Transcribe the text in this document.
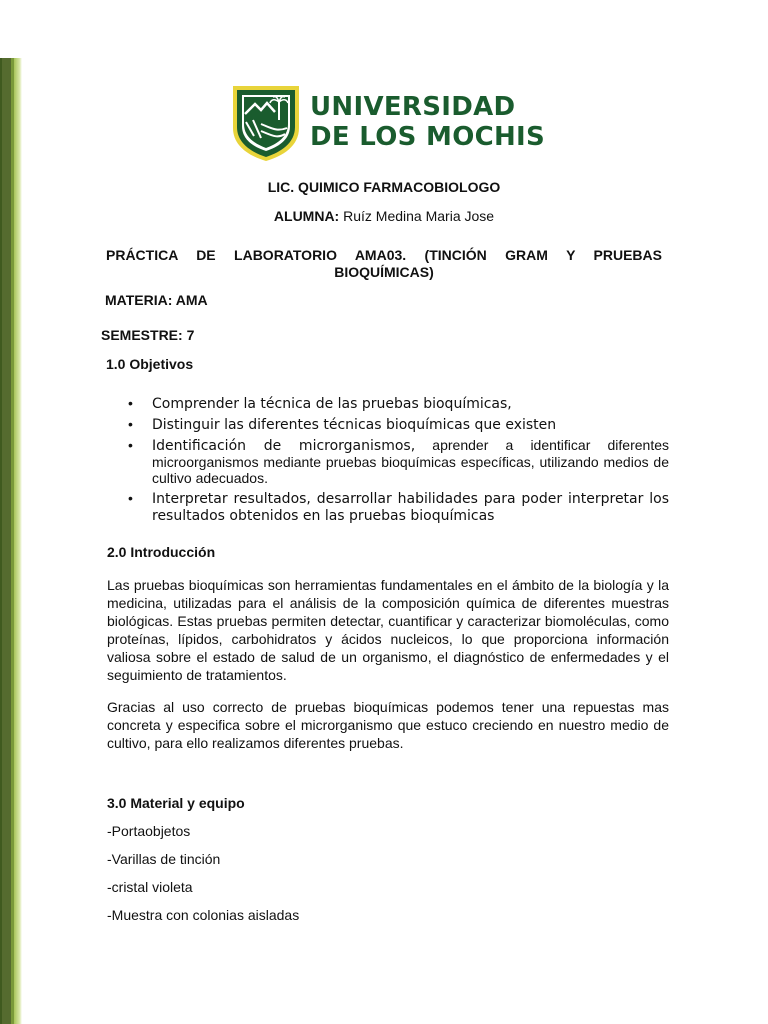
UNIVERSIDAD
DE LOS MOCHIS
LIC. QUIMICO FARMACOBIOLOGO
ALUMNA: Ruíz Medina Maria Jose
PRÁCTICA DE LABORATORIO AMA03. (TINCIÓN GRAM Y PRUEBAS
BIOQUÍMICAS)
MATERIA: AMA
SEMESTRE: 7
1.0 Objetivos
• Comprender la técnica de las pruebas bioquímicas,
• Distinguir las diferentes técnicas bioquímicas que existen
• Identificación de microrganismos, aprender a identificar diferentes microorganismos mediante pruebas bioquímicas específicas, utilizando medios de cultivo adecuados.
• Interpretar resultados, desarrollar habilidades para poder interpretar los resultados obtenidos en las pruebas bioquímicas
2.0 Introducción
Las pruebas bioquímicas son herramientas fundamentales en el ámbito de la biología y la medicina, utilizadas para el análisis de la composición química de diferentes muestras biológicas. Estas pruebas permiten detectar, cuantificar y caracterizar biomoléculas, como proteínas, lípidos, carbohidratos y ácidos nucleicos, lo que proporciona información valiosa sobre el estado de salud de un organismo, el diagnóstico de enfermedades y el seguimiento de tratamientos.
Gracias al uso correcto de pruebas bioquímicas podemos tener una repuestas mas concreta y especifica sobre el microrganismo que estuco creciendo en nuestro medio de cultivo, para ello realizamos diferentes pruebas.
3.0 Material y equipo
-Portaobjetos
-Varillas de tinción
-cristal violeta
-Muestra con colonias aisladas
